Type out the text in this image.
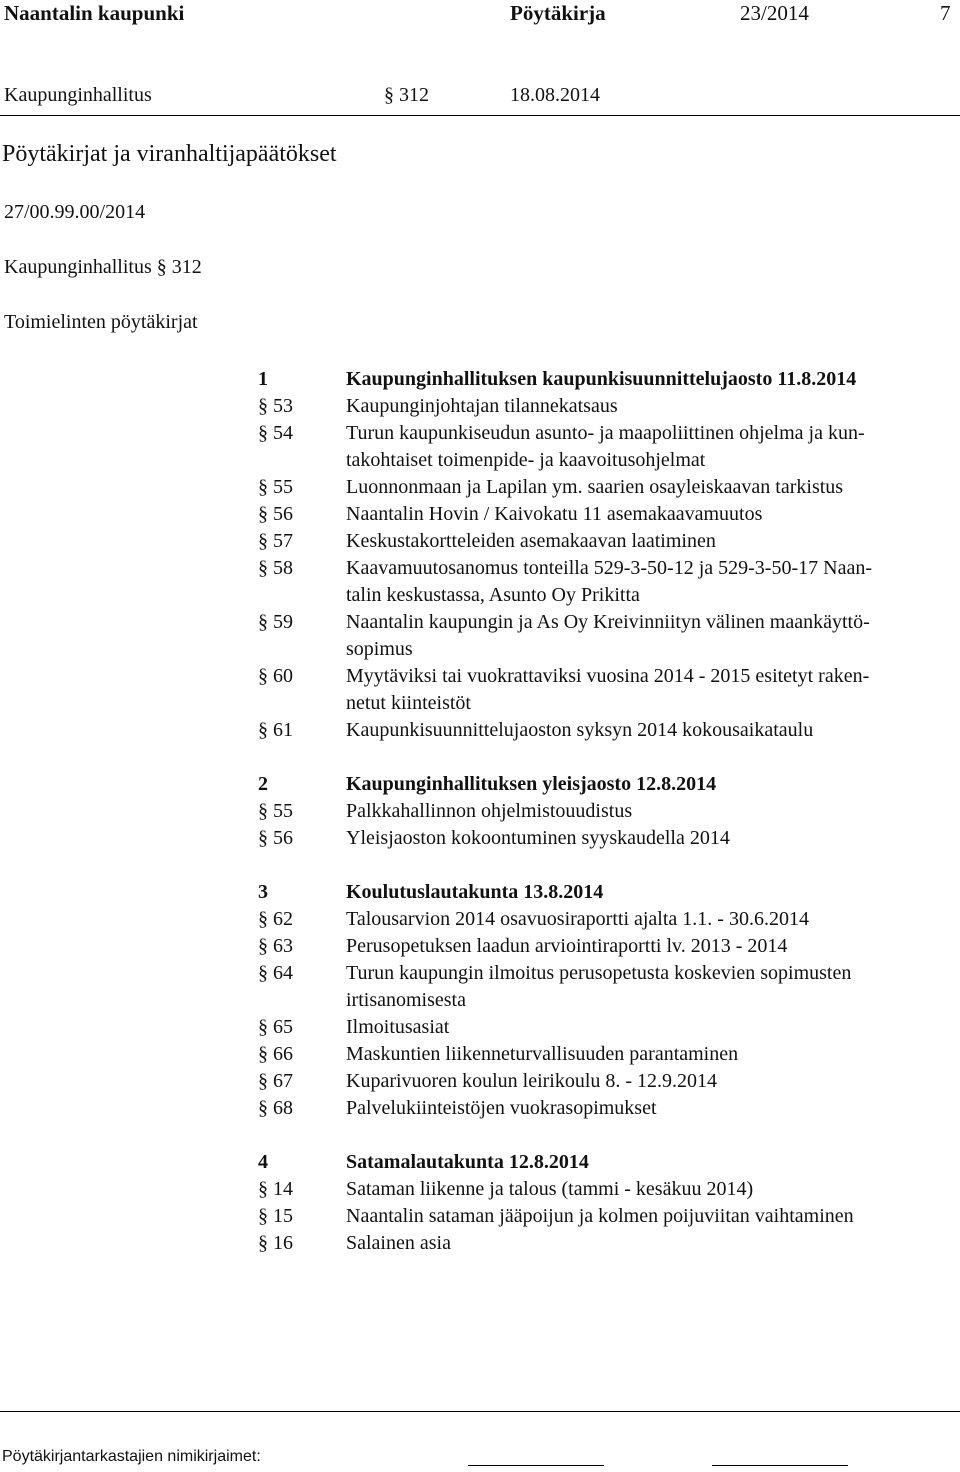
Naantalin kaupunki	Pöytäkirja	23/2014	7
Kaupunginhallitus	§ 312	18.08.2014
Pöytäkirjat ja viranhaltijapäätökset
27/00.99.00/2014
Kaupunginhallitus § 312
Toimielinten pöytäkirjat
1	Kaupunginhallituksen kaupunkisuunnittelujaosto 11.8.2014
§ 53	Kaupunginjohtajan tilannekatsaus
§ 54	Turun kaupunkiseudun asunto- ja maapoliittinen ohjelma ja kun-
takohtaiset toimenpide- ja kaavoitusohjelmat
§ 55	Luonnonmaan ja Lapilan ym. saarien osayleiskaavan tarkistus
§ 56	Naantalin Hovin / Kaivokatu 11 asemakaavamuutos
§ 57	Keskustakortteleiden asemakaavan laatiminen
§ 58	Kaavamuutosanomus tonteilla 529-3-50-12 ja 529-3-50-17 Naan-
talin keskustassa, Asunto Oy Prikitta
§ 59	Naantalin kaupungin ja As Oy Kreivinniityn välinen maankäyttö-
sopimus
§ 60	Myytäviksi tai vuokrattaviksi vuosina 2014 - 2015 esitetyt raken-
netut kiinteistöt
§ 61	Kaupunkisuunnittelujaoston syksyn 2014 kokousaikataulu
2	Kaupunginhallituksen yleisjaosto 12.8.2014
§ 55	Palkkahallinnon ohjelmistouudistus
§ 56	Yleisjaoston kokoontuminen syyskaudella 2014
3	Koulutuslautakunta 13.8.2014
§ 62	Talousarvion 2014 osavuosiraportti ajalta 1.1. - 30.6.2014
§ 63	Perusopetuksen laadun arviointiraportti lv. 2013 - 2014
§ 64	Turun kaupungin ilmoitus perusopetusta koskevien sopimusten
irtisanomisesta
§ 65	Ilmoitusasiat
§ 66	Maskuntien liikenneturvallisuuden parantaminen
§ 67	Kuparivuoren koulun leirikoulu 8. - 12.9.2014
§ 68	Palvelukiinteistöjen vuokrasopimukset
4	Satamalautakunta 12.8.2014
§ 14	Sataman liikenne ja talous (tammi - kesäkuu 2014)
§ 15	Naantalin sataman jääpoijun ja kolmen poijuviitan vaihtaminen
§ 16	Salainen asia
Pöytäkirjantarkastajien nimikirjaimet:
